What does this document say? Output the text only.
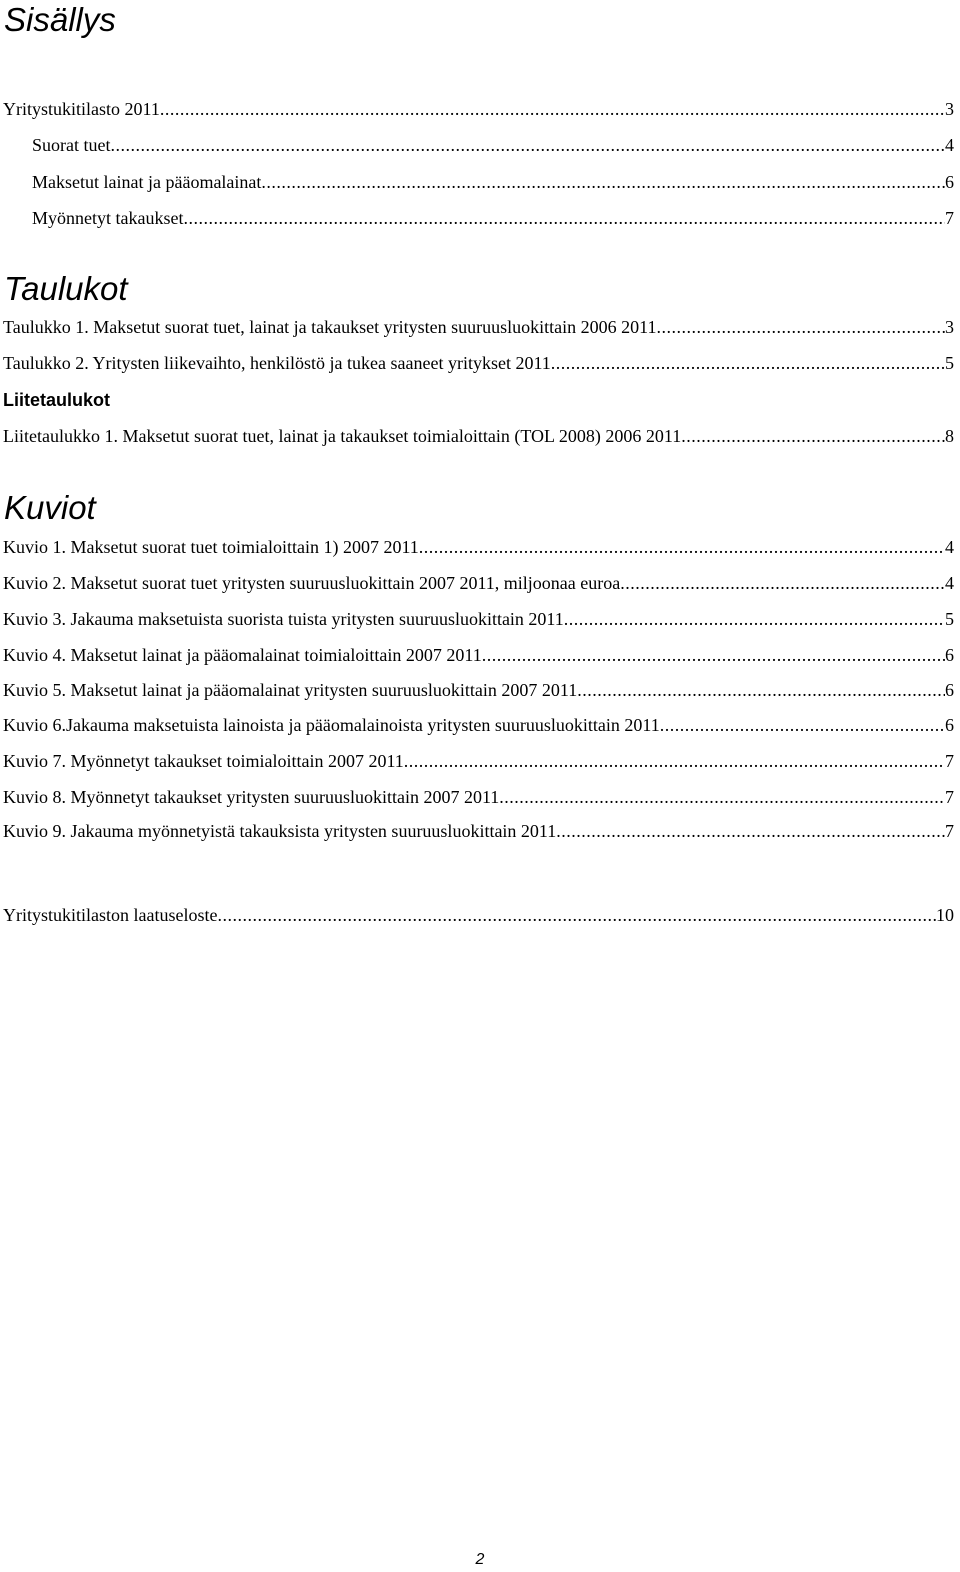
Sisällys
Yritystukitilasto 2011 .....	3
Suorat tuet .....	4
Maksetut lainat ja pääomalainat .....	6
Myönnetyt takaukset .....	7
Taulukot
Taulukko 1. Maksetut suorat tuet, lainat ja takaukset yritysten suuruusluokittain 2006 2011 .....	3
Taulukko 2. Yritysten liikevaihto, henkilöstö ja tukea saaneet yritykset 2011 .....	5
Liitetaulukot
Liitetaulukko 1. Maksetut suorat tuet, lainat ja takaukset toimialoittain (TOL 2008) 2006 2011 .....	8
Kuviot
Kuvio 1. Maksetut suorat tuet toimialoittain 1) 2007 2011 .....	4
Kuvio 2. Maksetut suorat tuet yritysten suuruusluokittain 2007 2011, miljoonaa euroa .....	4
Kuvio 3. Jakauma maksetuista suorista tuista yritysten suuruusluokittain 2011 .....	5
Kuvio 4. Maksetut lainat ja pääomalainat toimialoittain 2007 2011 .....	6
Kuvio 5. Maksetut lainat ja pääomalainat yritysten suuruusluokittain 2007 2011 .....	6
Kuvio 6.Jakauma maksetuista lainoista ja pääomalainoista yritysten suuruusluokittain 2011 .....	6
Kuvio 7. Myönnetyt takaukset toimialoittain 2007 2011 .....	7
Kuvio 8. Myönnetyt takaukset yritysten suuruusluokittain 2007 2011 .....	7
Kuvio 9. Jakauma myönnetyistä takauksista yritysten suuruusluokittain 2011 .....	7
Yritystukitilaston laatuseloste .....	10
2
